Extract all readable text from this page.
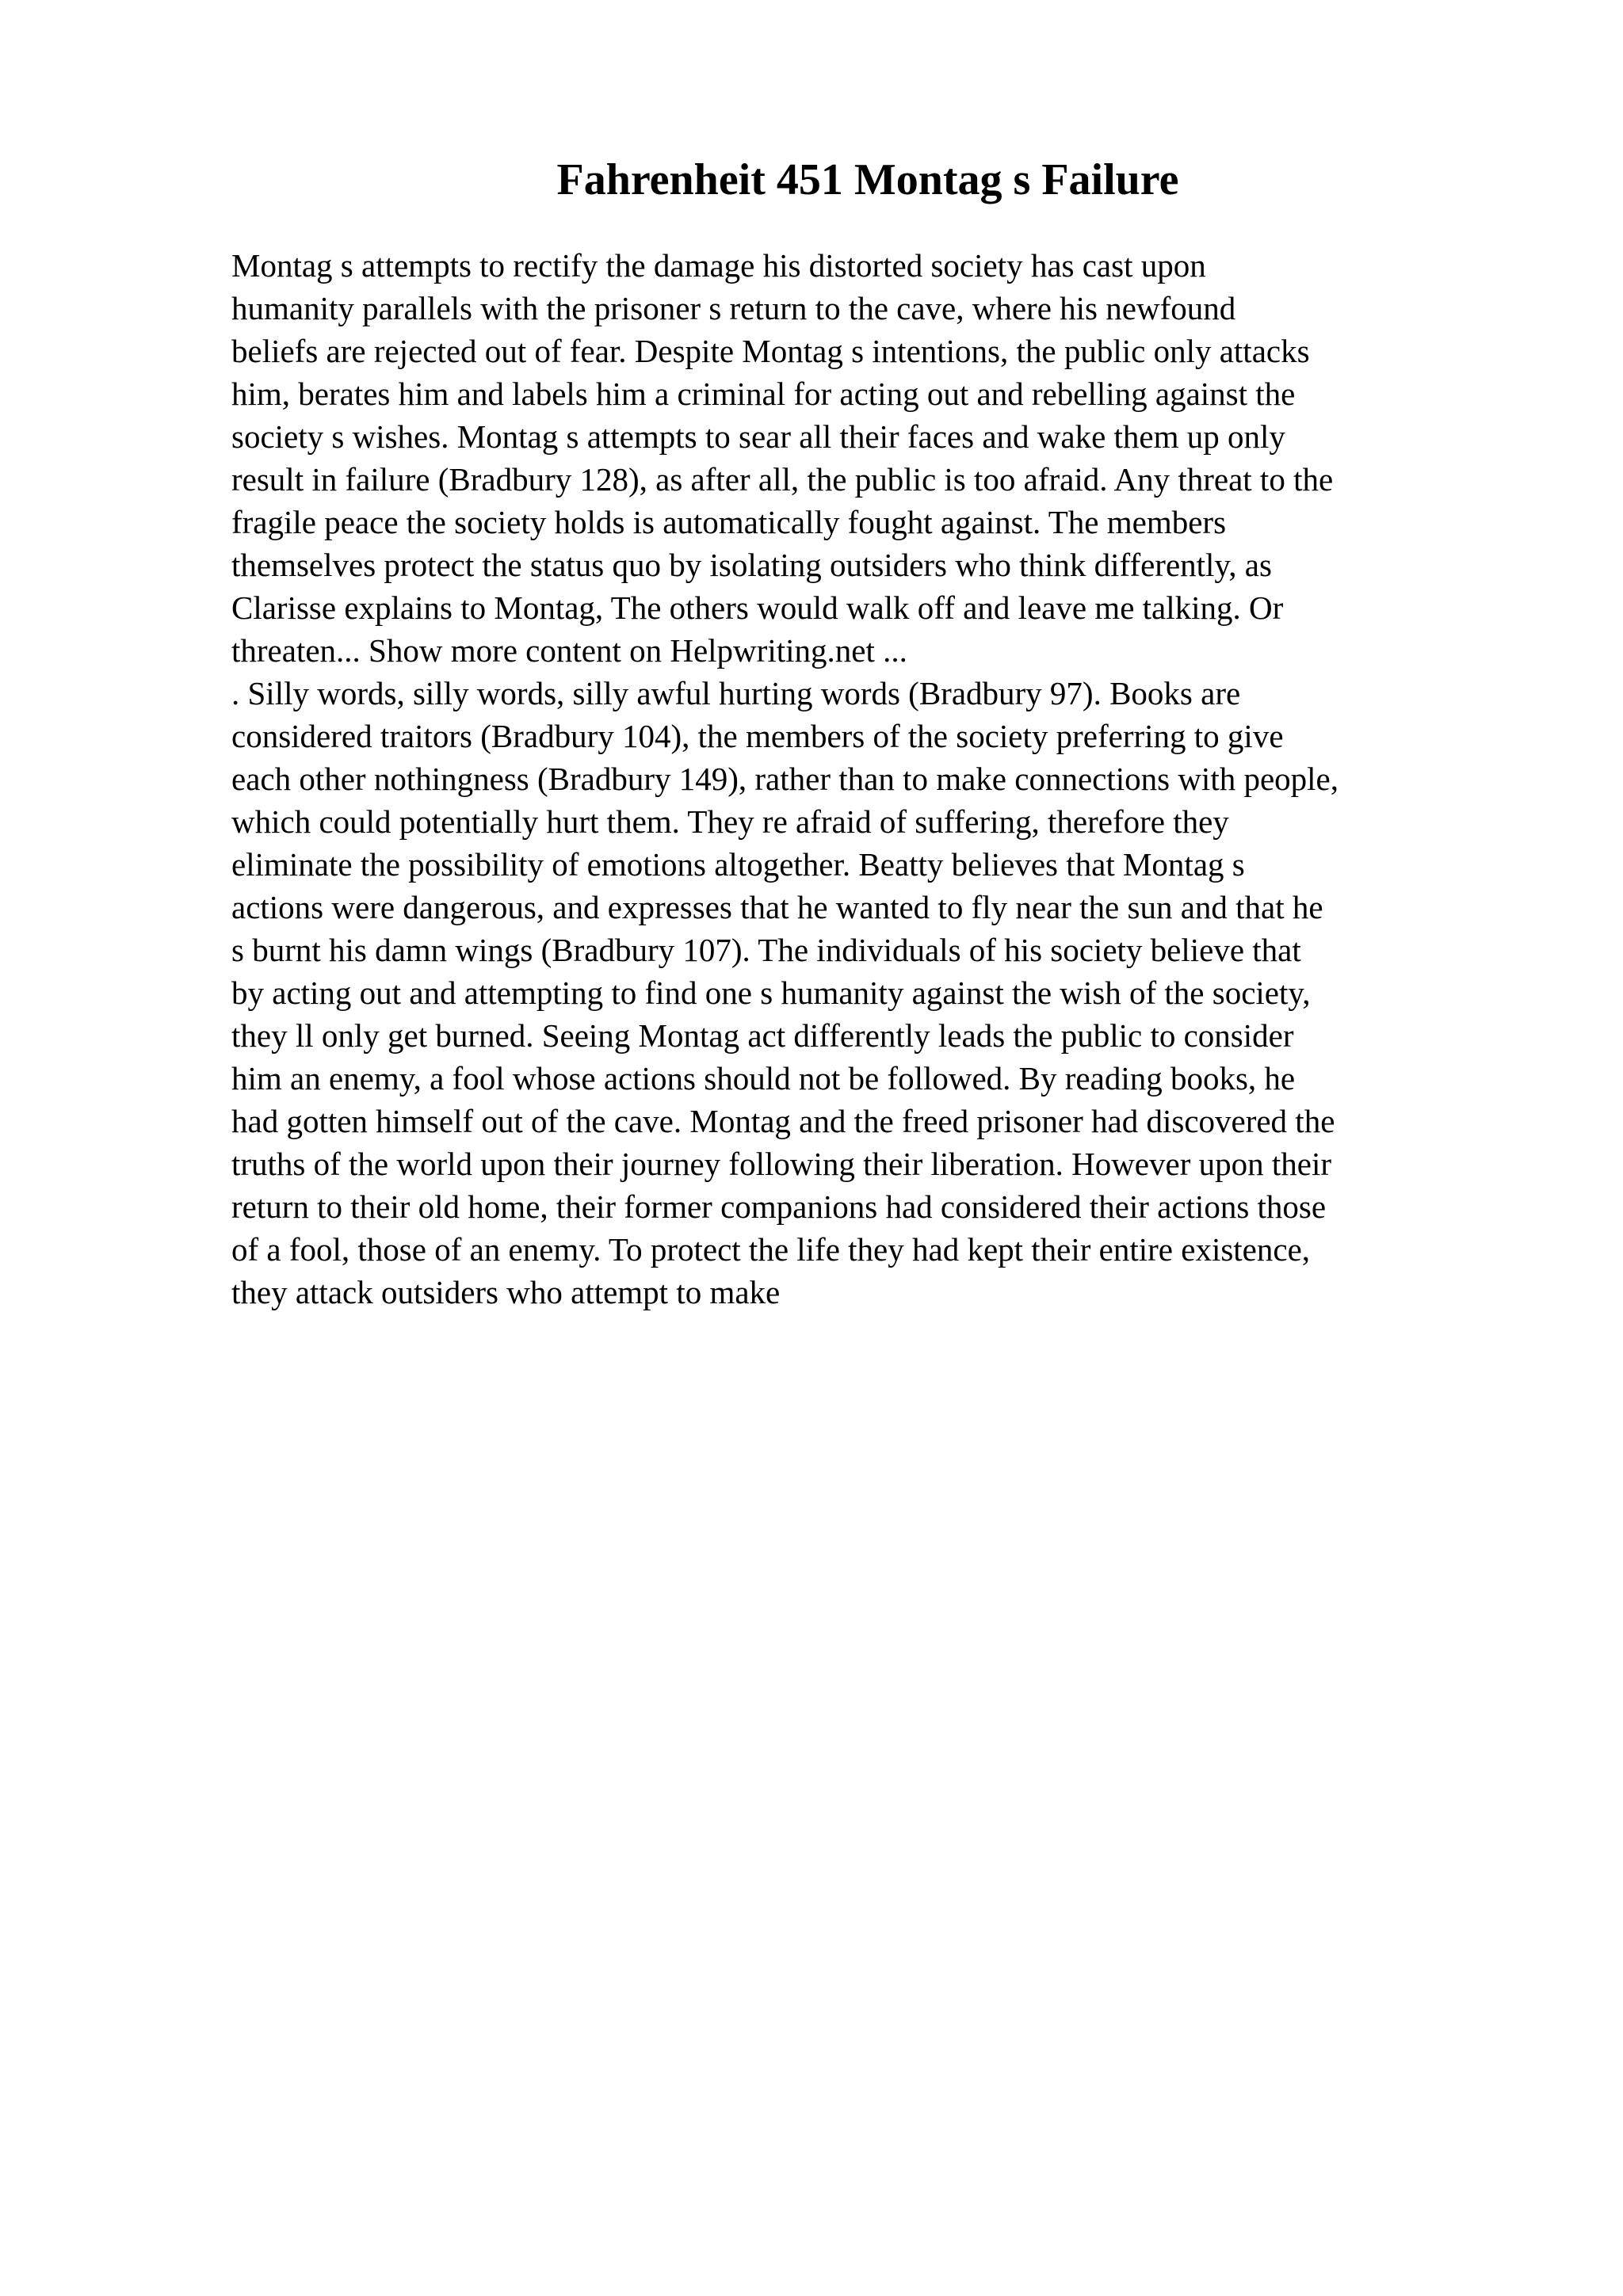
Fahrenheit 451 Montag s Failure
Montag s attempts to rectify the damage his distorted society has cast upon
humanity parallels with the prisoner s return to the cave, where his newfound
beliefs are rejected out of fear. Despite Montag s intentions, the public only attacks
him, berates him and labels him a criminal for acting out and rebelling against the
society s wishes. Montag s attempts to sear all their faces and wake them up only
result in failure (Bradbury 128), as after all, the public is too afraid. Any threat to the
fragile peace the society holds is automatically fought against. The members
themselves protect the status quo by isolating outsiders who think differently, as
Clarisse explains to Montag, The others would walk off and leave me talking. Or
threaten... Show more content on Helpwriting.net ...
. Silly words, silly words, silly awful hurting words (Bradbury 97). Books are
considered traitors (Bradbury 104), the members of the society preferring to give
each other nothingness (Bradbury 149), rather than to make connections with people,
which could potentially hurt them. They re afraid of suffering, therefore they
eliminate the possibility of emotions altogether. Beatty believes that Montag s
actions were dangerous, and expresses that he wanted to fly near the sun and that he
s burnt his damn wings (Bradbury 107). The individuals of his society believe that
by acting out and attempting to find one s humanity against the wish of the society,
they ll only get burned. Seeing Montag act differently leads the public to consider
him an enemy, a fool whose actions should not be followed. By reading books, he
had gotten himself out of the cave. Montag and the freed prisoner had discovered the
truths of the world upon their journey following their liberation. However upon their
return to their old home, their former companions had considered their actions those
of a fool, those of an enemy. To protect the life they had kept their entire existence,
they attack outsiders who attempt to make
